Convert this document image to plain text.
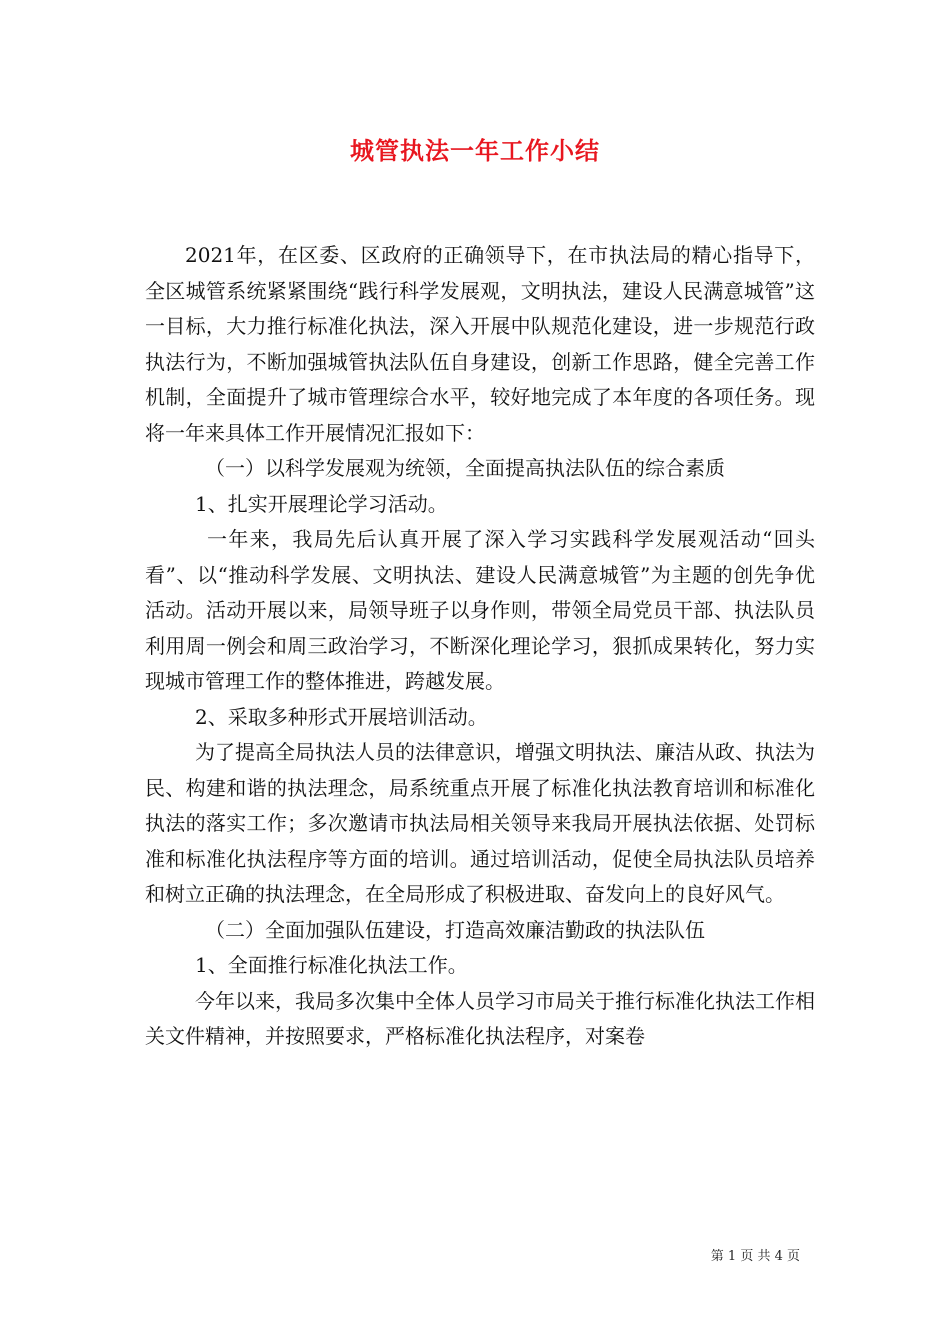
城管执法一年工作小结

2021年，在区委、区政府的正确领导下，在市执法局的精心指导下，全区城管系统紧紧围绕“践行科学发展观，文明执法，建设人民满意城管”这一目标，大力推行标准化执法，深入开展中队规范化建设，进一步规范行政执法行为，不断加强城管执法队伍自身建设，创新工作思路，健全完善工作机制，全面提升了城市管理综合水平，较好地完成了本年度的各项任务。现将一年来具体工作开展情况汇报如下：

（一）以科学发展观为统领，全面提高执法队伍的综合素质

1、扎实开展理论学习活动。

一年来，我局先后认真开展了深入学习实践科学发展观活动“回头看”、以“推动科学发展、文明执法、建设人民满意城管”为主题的创先争优活动。活动开展以来，局领导班子以身作则，带领全局党员干部、执法队员利用周一例会和周三政治学习，不断深化理论学习，狠抓成果转化，努力实现城市管理工作的整体推进，跨越发展。

2、采取多种形式开展培训活动。

为了提高全局执法人员的法律意识，增强文明执法、廉洁从政、执法为民、构建和谐的执法理念，局系统重点开展了标准化执法教育培训和标准化执法的落实工作；多次邀请市执法局相关领导来我局开展执法依据、处罚标准和标准化执法程序等方面的培训。通过培训活动，促使全局执法队员培养和树立正确的执法理念，在全局形成了积极进取、奋发向上的良好风气。

（二）全面加强队伍建设，打造高效廉洁勤政的执法队伍

1、全面推行标准化执法工作。

今年以来，我局多次集中全体人员学习市局关于推行标准化执法工作相关文件精神，并按照要求，严格标准化执法程序，对案卷

第 1 页 共 4 页
